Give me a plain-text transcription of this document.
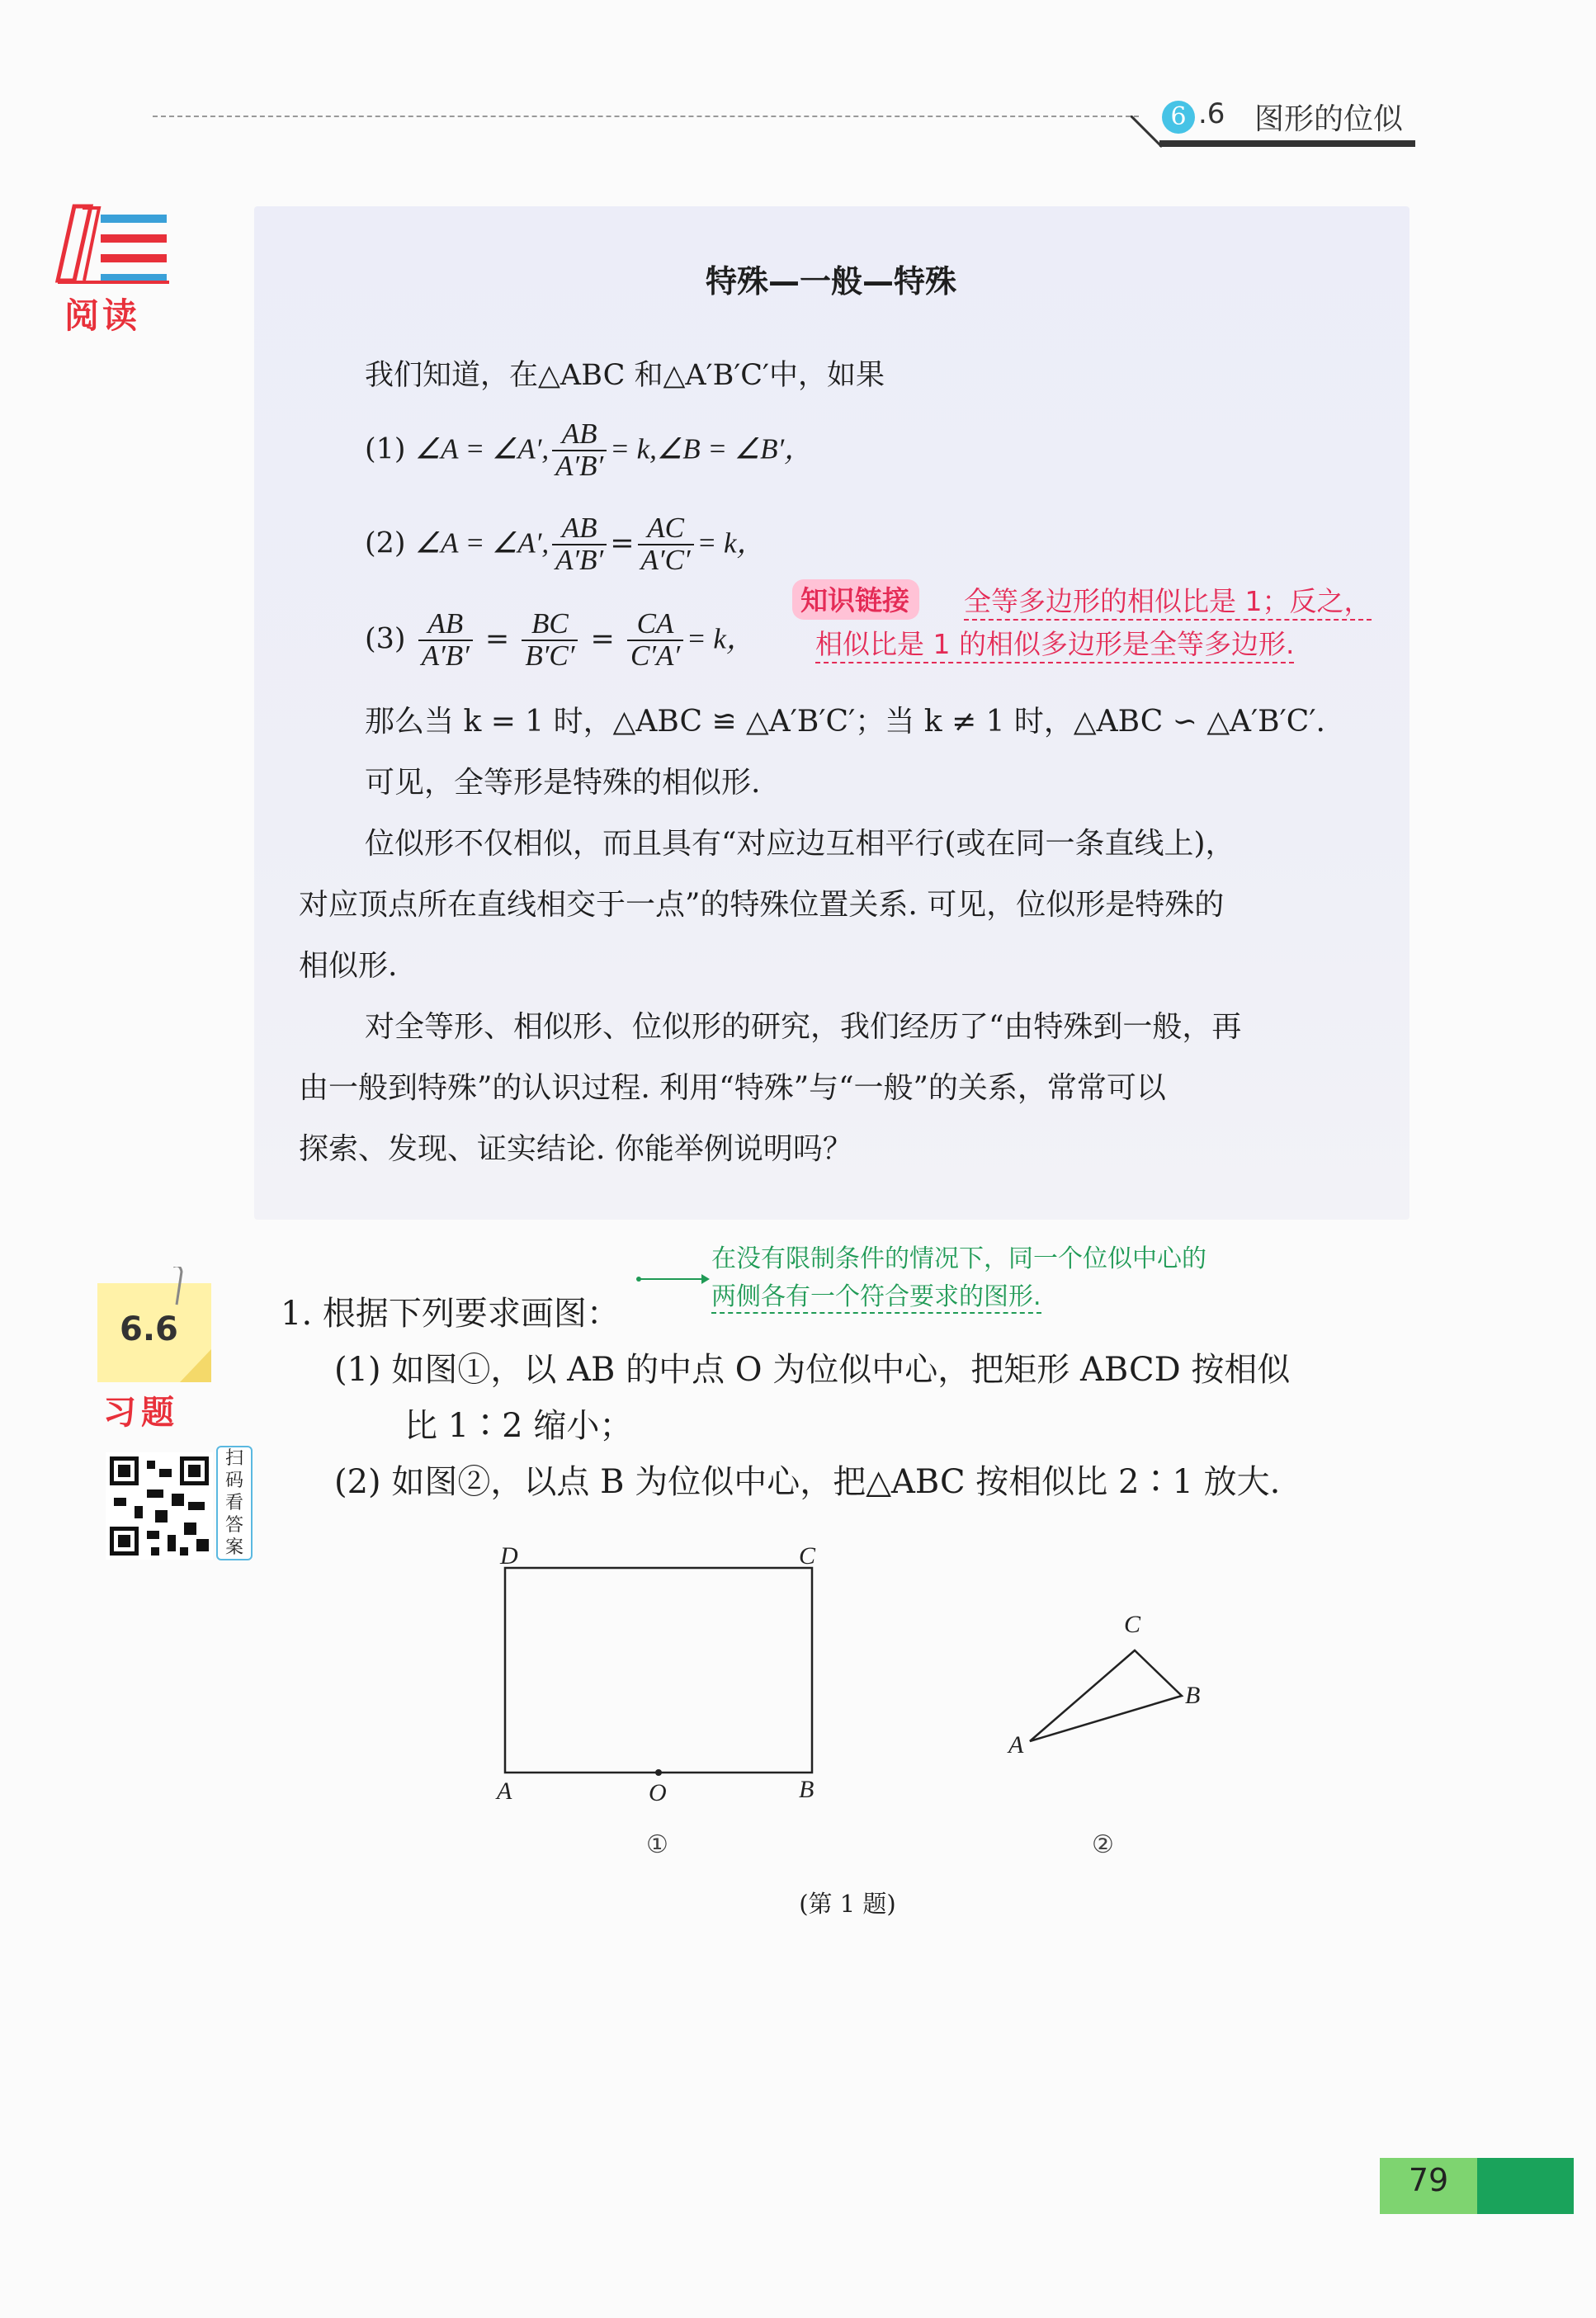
6 .6 图形的位似
阅读
特殊—一般—特殊
我们知道，在△ABC 和△A′B′C′中，如果
(1) ∠A = ∠A′, $\frac{AB}{A'B'}$ = k,∠B = ∠B′，
(2) ∠A = ∠A′, $\frac{AB}{A'B'} = \frac{AC}{A'C'} = k$，
$(3) \frac{AB}{A'B'} = \frac{BC}{B'C'} = \frac{CA}{C'A'} = k$，
知识链接	全等多边形的相似比是 1；反之，
相似比是 1 的相似多边形是全等多边形.
那么当 k = 1 时，△ABC ≌ △A′B′C′；当 k ≠ 1 时，△ABC ∽ △A′B′C′.
可见，全等形是特殊的相似形.
位似形不仅相似，而且具有“对应边互相平行(或在同一条直线上)，
对应顶点所在直线相交于一点”的特殊位置关系. 可见，位似形是特殊的
相似形.
对全等形、相似形、位似形的研究，我们经历了“由特殊到一般，再
由一般到特殊”的认识过程. 利用“特殊”与“一般”的关系，常常可以
探索、发现、证实结论. 你能举例说明吗？
6.6
习题
扫码看答案
在没有限制条件的情况下，同一个位似中心的
两侧各有一个符合要求的图形.
1. 根据下列要求画图：
(1) 如图①，以 AB 的中点 O 为位似中心，把矩形 ABCD 按相似
比 1∶2 缩小；
(2) 如图②，以点 B 为位似中心，把△ABC 按相似比 2∶1 放大.
D	C
A	O	B
C
B
A
①	②
(第 1 题)
79
